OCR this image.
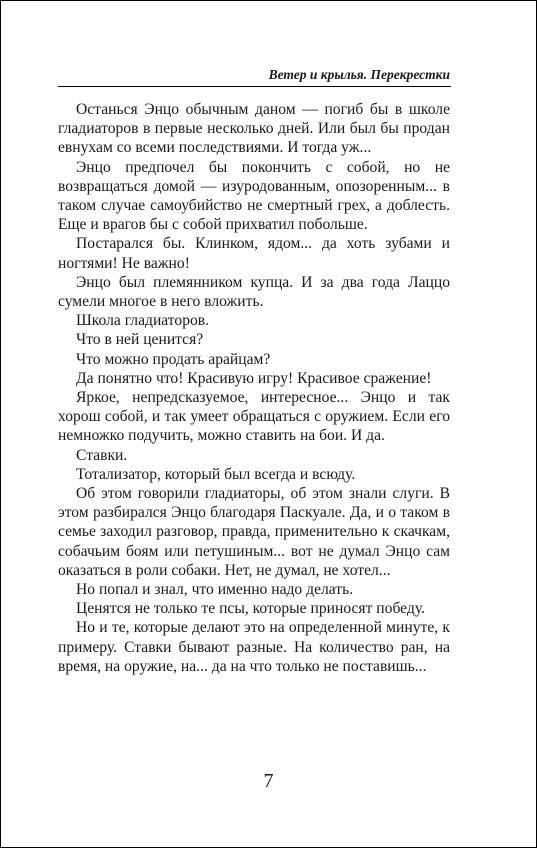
Ветер и крылья. Перекрестки

Останься Энцо обычным даном — погиб бы в школе гладиаторов в первые несколько дней. Или был бы продан евнухам со всеми последствиями. И тогда уж...

Энцо предпочел бы покончить с собой, но не возвращаться домой — изуродованным, опозоренным... в таком случае самоубийство не смертный грех, а доблесть. Еще и врагов бы с собой прихватил побольше.

Постарался бы. Клинком, ядом... да хоть зубами и ногтями! Не важно!

Энцо был племянником купца. И за два года Лаццо сумели многое в него вложить.

Школа гладиаторов.

Что в ней ценится?

Что можно продать арайцам?

Да понятно что! Красивую игру! Красивое сражение!

Яркое, непредсказуемое, интересное... Энцо и так хорош собой, и так умеет обращаться с оружием. Если его немножко подучить, можно ставить на бои. И да.

Ставки.

Тотализатор, который был всегда и всюду.

Об этом говорили гладиаторы, об этом знали слуги. В этом разбирался Энцо благодаря Паскуале. Да, и о таком в семье заходил разговор, правда, применительно к скачкам, собачьим боям или петушиным... вот не думал Энцо сам оказаться в роли собаки. Нет, не думал, не хотел...

Но попал и знал, что именно надо делать.

Ценятся не только те псы, которые приносят победу.

Но и те, которые делают это на определенной минуте, к примеру. Ставки бывают разные. На количество ран, на время, на оружие, на... да на что только не поставишь...

7
